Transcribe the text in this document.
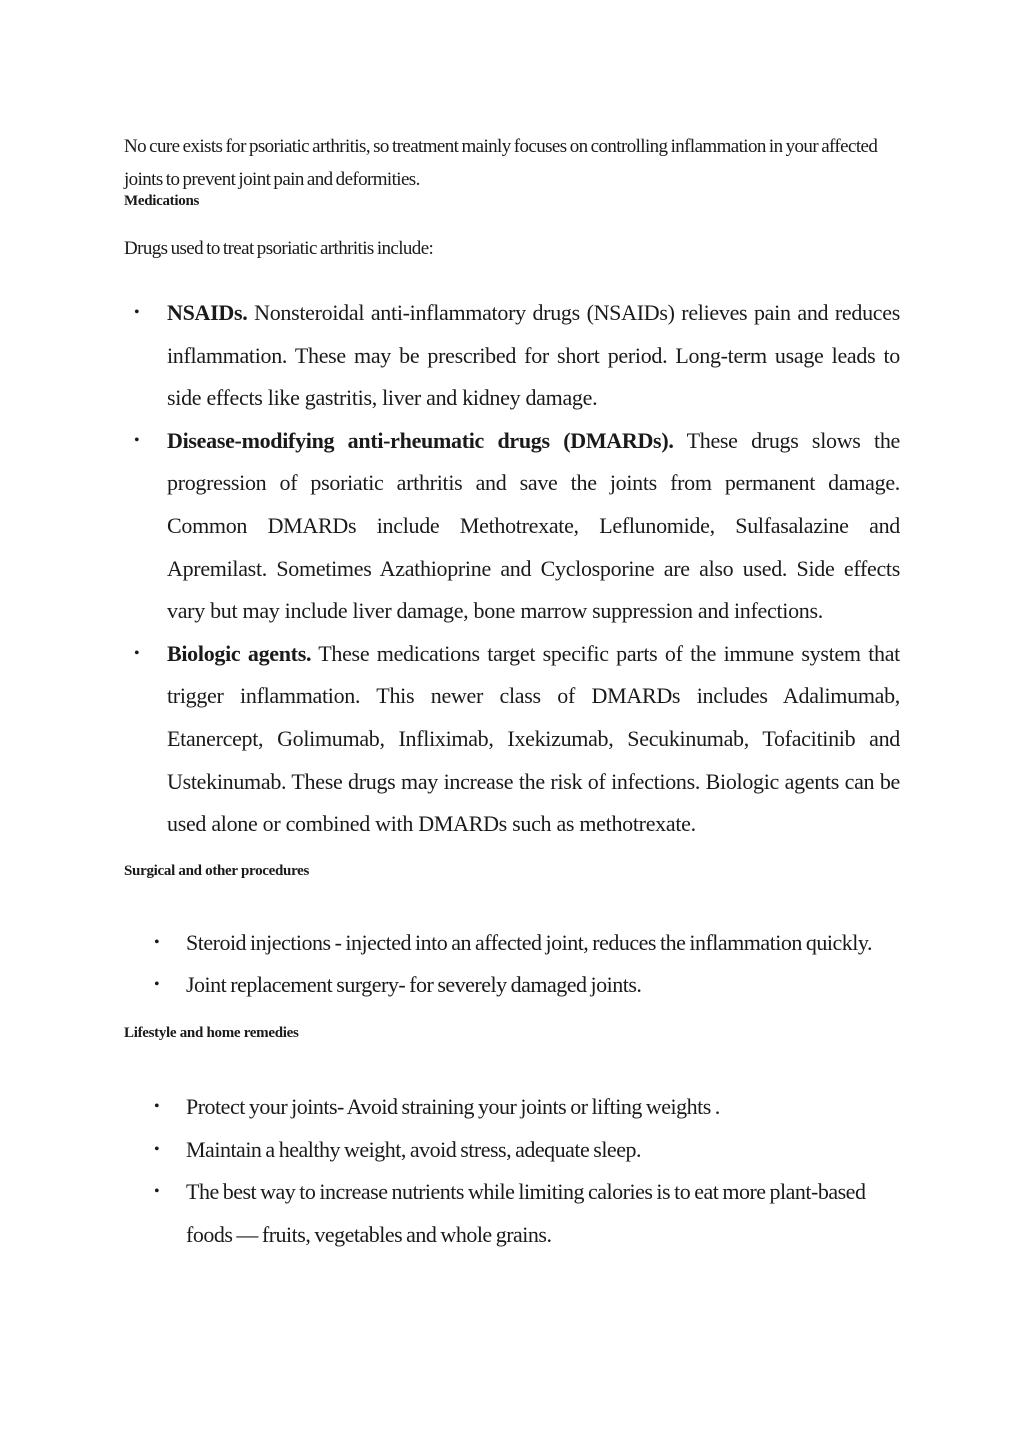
No cure exists for psoriatic arthritis, so treatment mainly focuses on controlling inflammation in your affected joints to prevent joint pain and deformities.

Medications

Drugs used to treat psoriatic arthritis include:

• NSAIDs. Nonsteroidal anti-inflammatory drugs (NSAIDs) relieves pain and reduces inflammation. These may be prescribed for short period. Long-term usage leads to side effects like gastritis, liver and kidney damage.
• Disease-modifying anti-rheumatic drugs (DMARDs). These drugs slows the progression of psoriatic arthritis and save the joints from permanent damage. Common DMARDs include Methotrexate, Leflunomide, Sulfasalazine and Apremilast. Sometimes Azathioprine and Cyclosporine are also used. Side effects vary but may include liver damage, bone marrow suppression and infections.
• Biologic agents. These medications target specific parts of the immune system that trigger inflammation. This newer class of DMARDs includes Adalimumab, Etanercept, Golimumab, Infliximab, Ixekizumab, Secukinumab, Tofacitinib and Ustekinumab. These drugs may increase the risk of infections. Biologic agents can be used alone or combined with DMARDs such as methotrexate.

Surgical and other procedures

• Steroid injections - injected into an affected joint, reduces the inflammation quickly.
• Joint replacement surgery- for severely damaged joints.

Lifestyle and home remedies

• Protect your joints- Avoid straining your joints or lifting weights .
• Maintain a healthy weight, avoid stress, adequate sleep.
• The best way to increase nutrients while limiting calories is to eat more plant-based foods — fruits, vegetables and whole grains.
